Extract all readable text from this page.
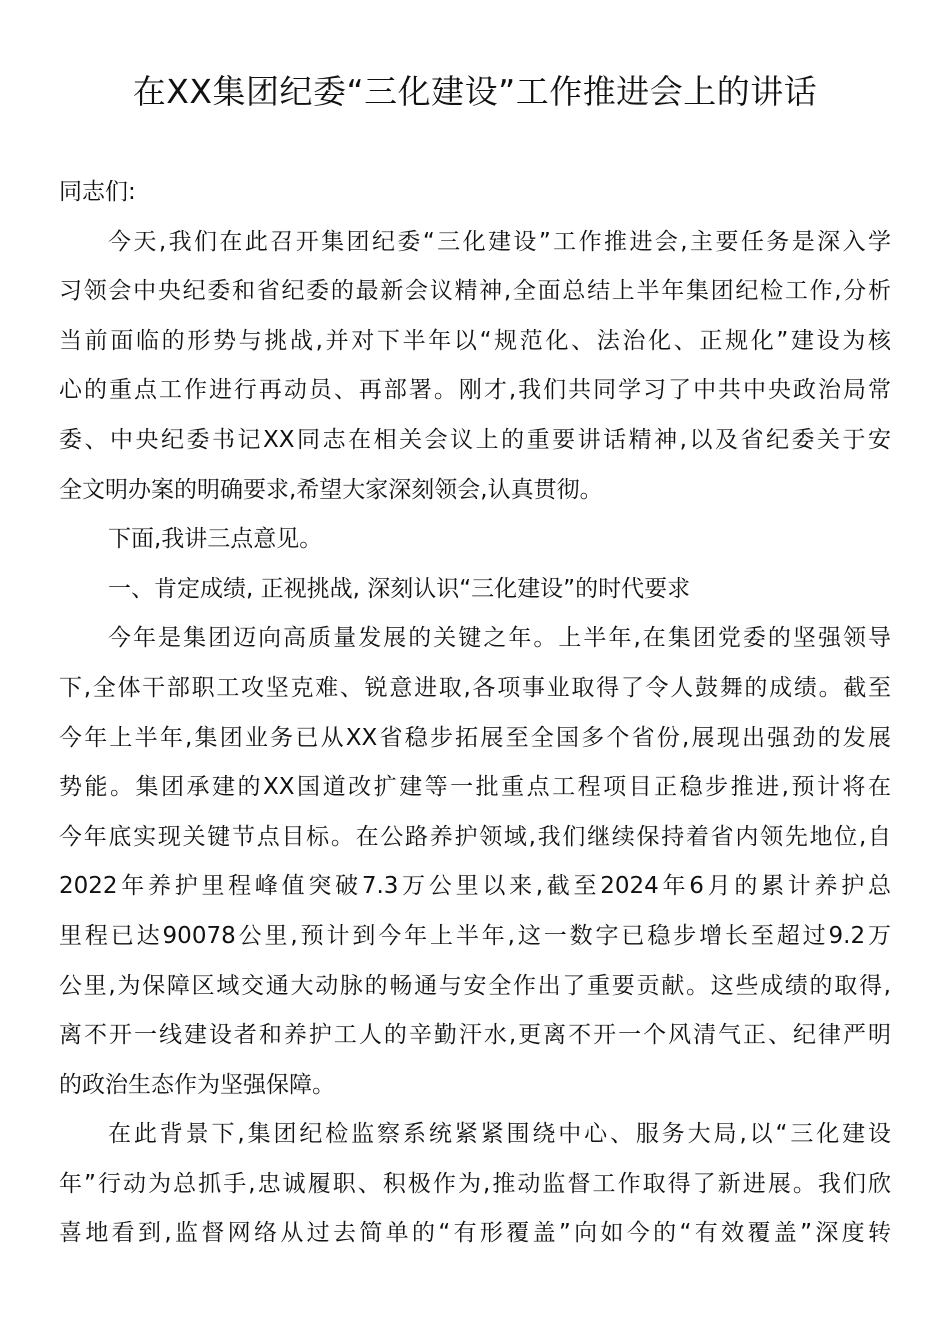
在XX集团纪委“三化建设”工作推进会上的讲话
同志们:
今天,我们在此召开集团纪委“三化建设”工作推进会,主要任务是深入学
习领会中央纪委和省纪委的最新会议精神,全面总结上半年集团纪检工作,分析
当前面临的形势与挑战,并对下半年以“规范化、法治化、正规化”建设为核
心的重点工作进行再动员、再部署。刚才,我们共同学习了中共中央政治局常
委、中央纪委书记XX同志在相关会议上的重要讲话精神,以及省纪委关于安
全文明办案的明确要求,希望大家深刻领会,认真贯彻。
下面,我讲三点意见。
一、肯定成绩, 正视挑战, 深刻认识“三化建设”的时代要求
今年是集团迈向高质量发展的关键之年。上半年,在集团党委的坚强领导
下,全体干部职工攻坚克难、锐意进取,各项事业取得了令人鼓舞的成绩。截至
今年上半年,集团业务已从XX省稳步拓展至全国多个省份,展现出强劲的发展
势能。集团承建的XX国道改扩建等一批重点工程项目正稳步推进,预计将在
今年底实现关键节点目标。在公路养护领域,我们继续保持着省内领先地位,自
2022年养护里程峰值突破7.3万公里以来,截至2024年6月的累计养护总
里程已达90078公里,预计到今年上半年,这一数字已稳步增长至超过9.2万
公里,为保障区域交通大动脉的畅通与安全作出了重要贡献。这些成绩的取得,
离不开一线建设者和养护工人的辛勤汗水,更离不开一个风清气正、纪律严明
的政治生态作为坚强保障。
在此背景下,集团纪检监察系统紧紧围绕中心、服务大局,以“三化建设
年”行动为总抓手,忠诚履职、积极作为,推动监督工作取得了新进展。我们欣
喜地看到,监督网络从过去简单的“有形覆盖”向如今的“有效覆盖”深度转
